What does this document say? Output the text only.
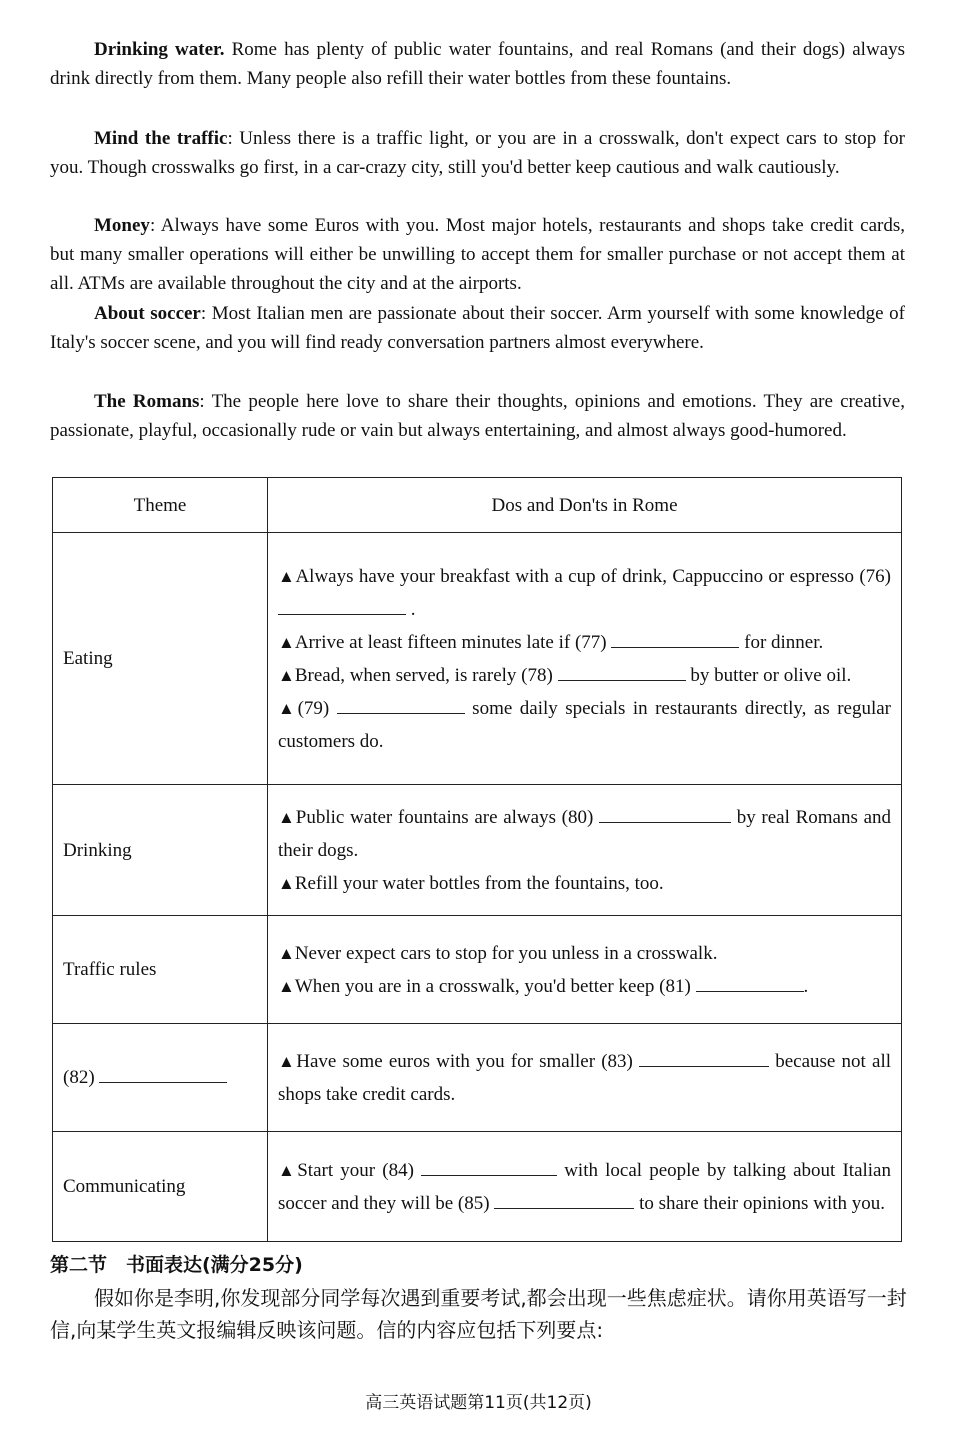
Drinking water. Rome has plenty of public water fountains, and real Romans (and their dogs) always drink directly from them. Many people also refill their water bottles from these fountains.

Mind the traffic: Unless there is a traffic light, or you are in a crosswalk, don't expect cars to stop for you. Though crosswalks go first, in a car-crazy city, still you'd better keep cautious and walk cautiously.

Money: Always have some Euros with you. Most major hotels, restaurants and shops take credit cards, but many smaller operations will either be unwilling to accept them for smaller purchase or not accept them at all. ATMs are available throughout the city and at the airports.

About soccer: Most Italian men are passionate about their soccer. Arm yourself with some knowledge of Italy's soccer scene, and you will find ready conversation partners almost everywhere.

The Romans: The people here love to share their thoughts, opinions and emotions. They are creative, passionate, playful, occasionally rude or vain but always entertaining, and almost always good-humored.

Theme	Dos and Don'ts in Rome
Eating	▲Always have your breakfast with a cup of drink, Cappuccino or espresso (76)  .
▲Arrive at least fifteen minutes late if (77) for dinner.
▲Bread, when served, is rarely (78) by butter or olive oil.
▲(79) some daily specials in restaurants directly, as regular customers do.

Drinking	▲Public water fountains are always (80) by real Romans and their dogs.
▲Refill your water bottles from the fountains, too.

Traffic rules	▲Never expect cars to stop for you unless in a crosswalk.
▲When you are in a crosswalk, you'd better keep (81) .

(82)	▲Have some euros with you for smaller (83) because not all shops take credit cards.

Communicating	▲Start your (84) with local people by talking about Italian soccer and they will be (85) to share their opinions with you.
第二节　书面表达(满分25分)

假如你是李明,你发现部分同学每次遇到重要考试,都会出现一些焦虑症状。请你用英语写一封信,向某学生英文报编辑反映该问题。信的内容应包括下列要点:

高三英语试题第11页(共12页)
